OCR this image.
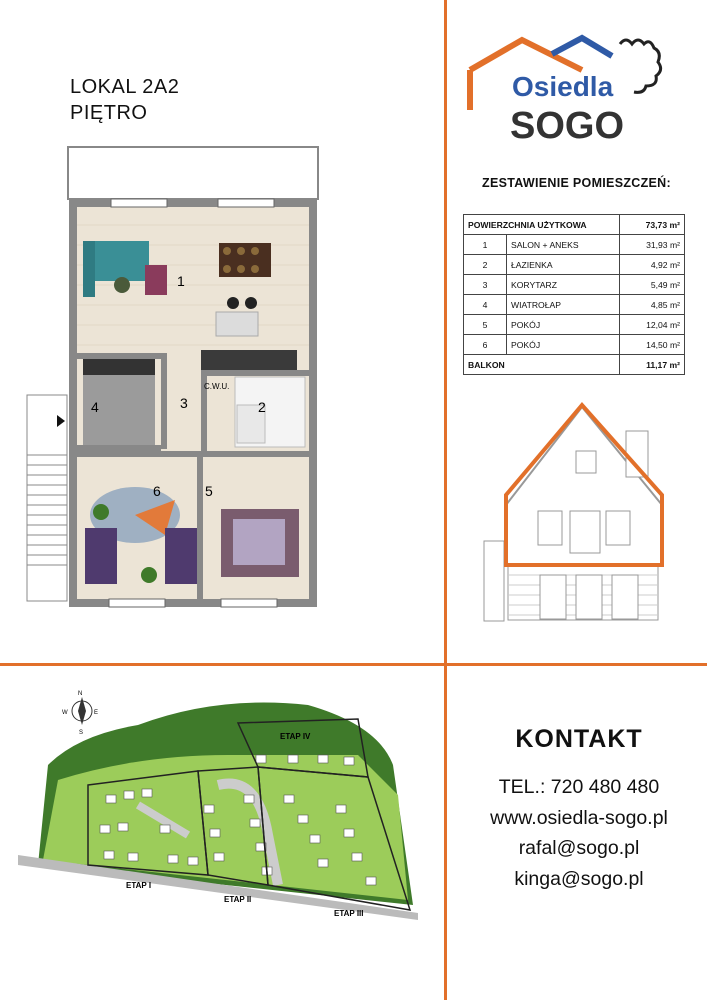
LOKAL 2A2
PIĘTRO
1
2
3
4
5
6
C.W.U.
Osiedla
SOGO
ZESTAWIENIE POMIESZCZEŃ:
POWIERZCHNIA UŻYTKOWA		73,73 m²
1	SALON + ANEKS	31,93 m²
2	ŁAZIENKA	4,92 m²
3	KORYTARZ	5,49 m²
4	WIATROŁAP	4,85 m²
5	POKÓJ	12,04 m²
6	POKÓJ	14,50 m²
BALKON		11,17 m²
N
S
E
W
ETAP I
ETAP II
ETAP III
ETAP IV	KONTAKT
TEL.: 720 480 480
www.osiedla-sogo.pl
rafal@sogo.pl
kinga@sogo.pl
